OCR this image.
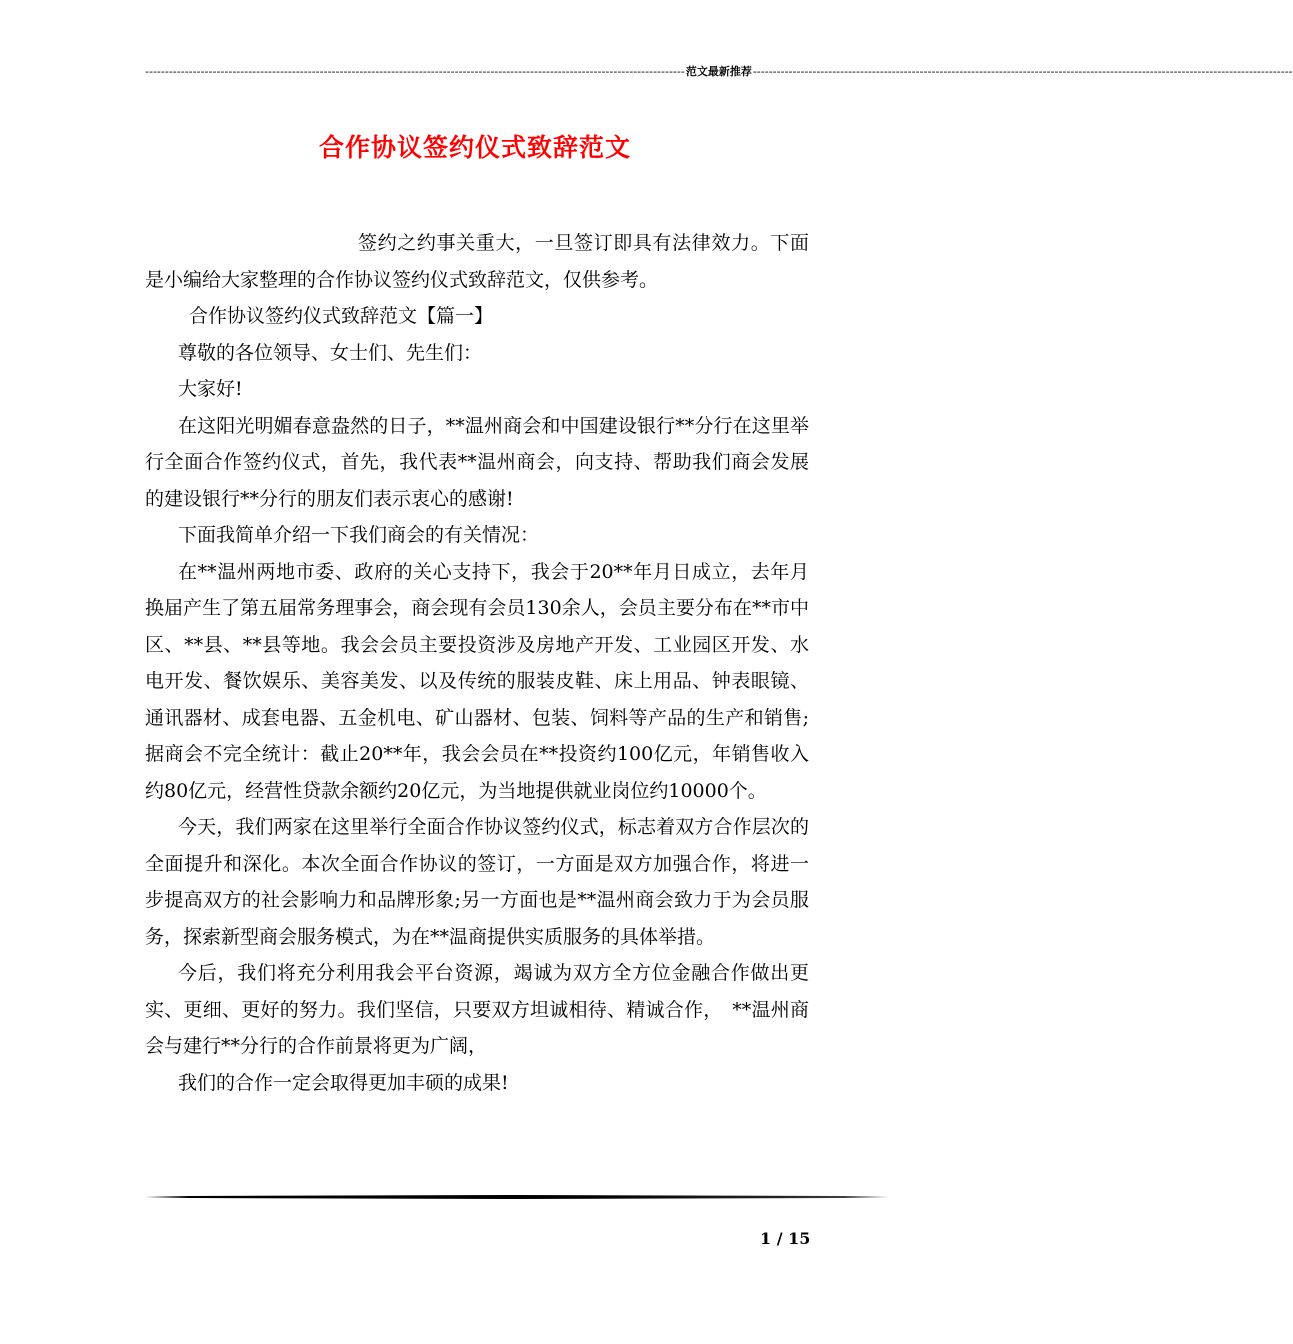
---------------------------------------------------------------------------------------------------------------------------------------- 范文最新推荐 ----------------------------------------------------------------------------------------------------------------------------------------
合作协议签约仪式致辞范文

签约之约事关重大，一旦签订即具有法律效力。下面是小编给大家整理的合作协议签约仪式致辞范文，仅供参考。

合作协议签约仪式致辞范文【篇一】

尊敬的各位领导、女士们、先生们：

大家好!

在这阳光明媚春意盎然的日子，**温州商会和中国建设银行**分行在这里举行全面合作签约仪式，首先，我代表**温州商会，向支持、帮助我们商会发展的建设银行**分行的朋友们表示衷心的感谢!

下面我简单介绍一下我们商会的有关情况：

在**温州两地市委、政府的关心支持下，我会于20**年月日成立，去年月换届产生了第五届常务理事会，商会现有会员130余人，会员主要分布在**市中区、**县、**县等地。我会会员主要投资涉及房地产开发、工业园区开发、水电开发、餐饮娱乐、美容美发、以及传统的服装皮鞋、床上用品、钟表眼镜、通讯器材、成套电器、五金机电、矿山器材、包装、饲料等产品的生产和销售;据商会不完全统计：截止20**年，我会会员在**投资约100亿元，年销售收入约80亿元，经营性贷款余额约20亿元，为当地提供就业岗位约10000个。

今天，我们两家在这里举行全面合作协议签约仪式，标志着双方合作层次的全面提升和深化。本次全面合作协议的签订，一方面是双方加强合作，将进一步提高双方的社会影响力和品牌形象;另一方面也是**温州商会致力于为会员服务，探索新型商会服务模式，为在**温商提供实质服务的具体举措。

今后，我们将充分利用我会平台资源，竭诚为双方全方位金融合作做出更实、更细、更好的努力。我们坚信，只要双方坦诚相待、精诚合作，　**温州商会与建行**分行的合作前景将更为广阔，

我们的合作一定会取得更加丰硕的成果!

1 / 15
